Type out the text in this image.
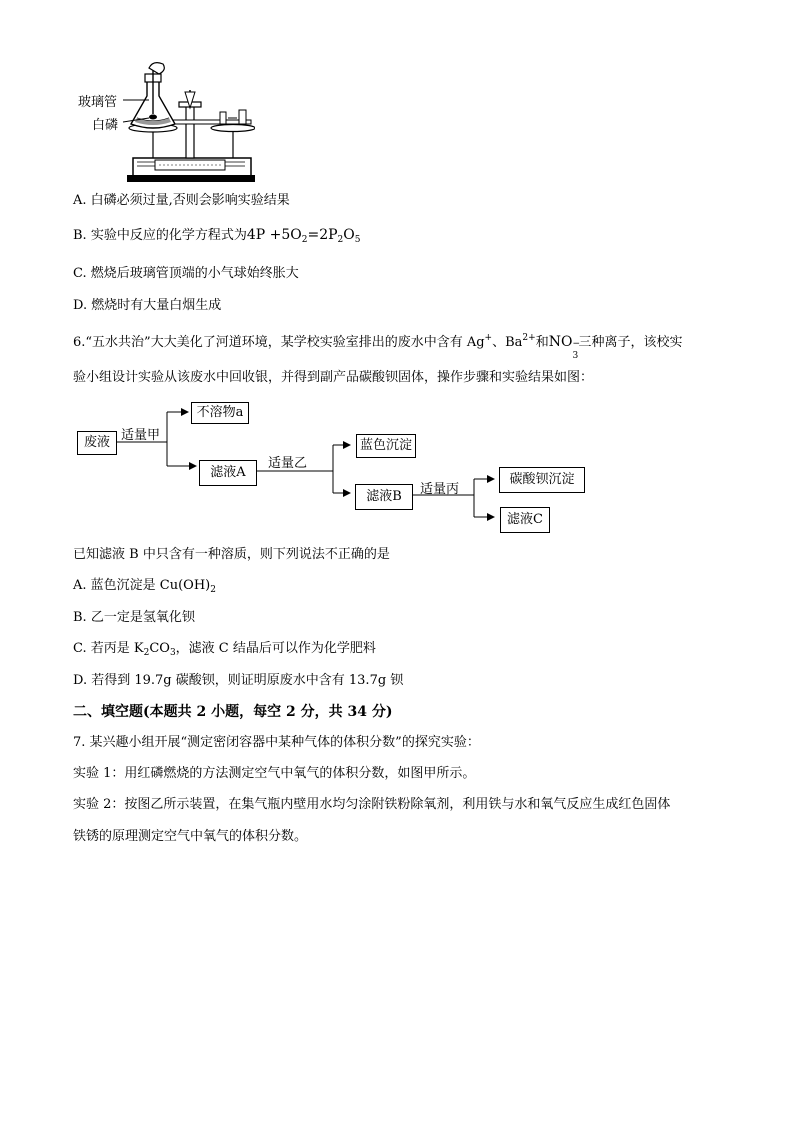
玻璃管
白磷
A. 白磷必须过量,否则会影响实验结果
B. 实验中反应的化学方程式为$4P +5O_2=2P_2O_5$
C. 燃烧后玻璃管顶端的小气球始终胀大
D. 燃烧时有大量白烟生成
6.“五水共治”大大美化了河道环境，某学校实验室排出的废水中含有 Ag+、$Ba^{2+}$和NO −
3
三种离子，该校实
验小组设计实验从该废水中回收银，并得到副产品碳酸钡固体，操作步骤和实验结果如图：
废液 适量甲
不溶物a
滤液A
适量乙
蓝色沉淀
滤液B	适量丙
碳酸钡沉淀
滤液C
已知滤液 B 中只含有一种溶质，则下列说法不正确的是
A. 蓝色沉淀是 $Cu(OH)_2$
B. 乙一定是氢氧化钡
C. 若丙是 $K_2CO_3$，滤液 C 结晶后可以作为化学肥料
D. 若得到 19.7g 碳酸钡，则证明原废水中含有 13.7g 钡
二、填空题(本题共 2 小题，每空 2 分，共 34 分)
7. 某兴趣小组开展“测定密闭容器中某种气体的体积分数”的探究实验：
实验 1：用红磷燃烧的方法测定空气中氧气的体积分数，如图甲所示。
实验 2：按图乙所示装置，在集气瓶内壁用水均匀涂附铁粉除氧剂，利用铁与水和氧气反应生成红色固体
铁锈的原理测定空气中氧气的体积分数。
